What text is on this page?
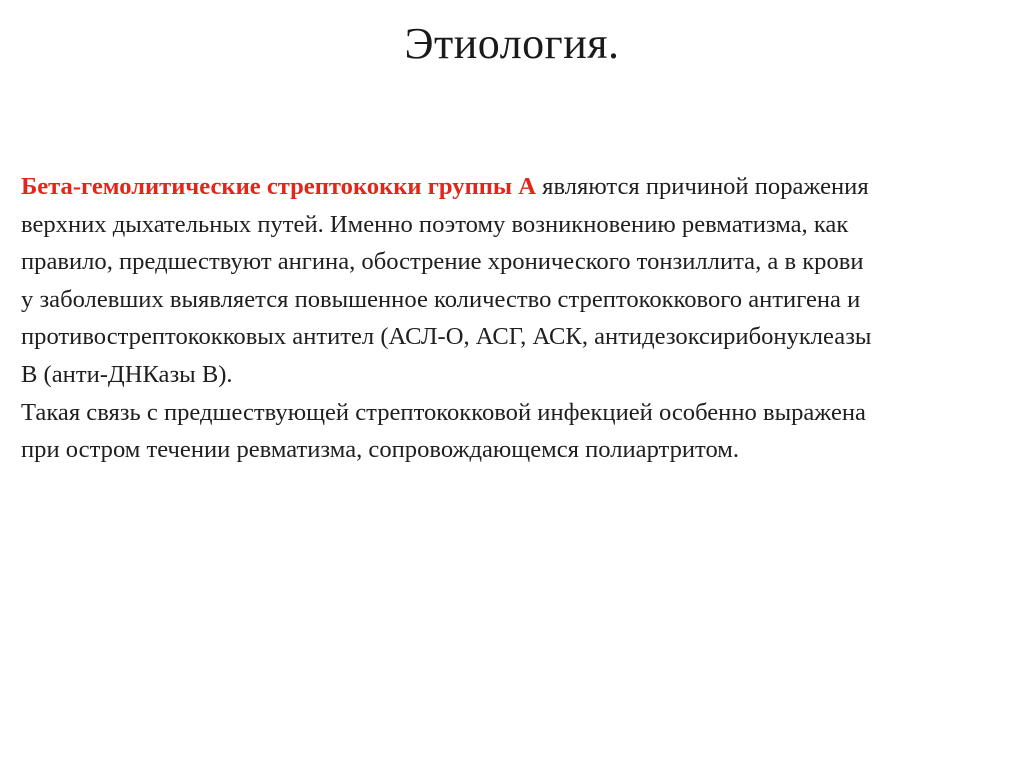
Этиология.
Бета-гемолитические стрептококки группы А являются причиной поражения
верхних дыхательных путей. Именно поэтому возникновению ревматизма, как
правило, предшествуют ангина, обострение хронического тонзиллита, а в крови
у заболевших выявляется повышенное количество стрептококкового антигена и
противострептококковых антител (АСЛ-О, АСГ, АСК, антидезоксирибонуклеазы
В (анти-ДНКазы В).
Такая связь с предшествующей стрептококковой инфекцией особенно выражена
при остром течении ревматизма, сопровождающемся полиартритом.
